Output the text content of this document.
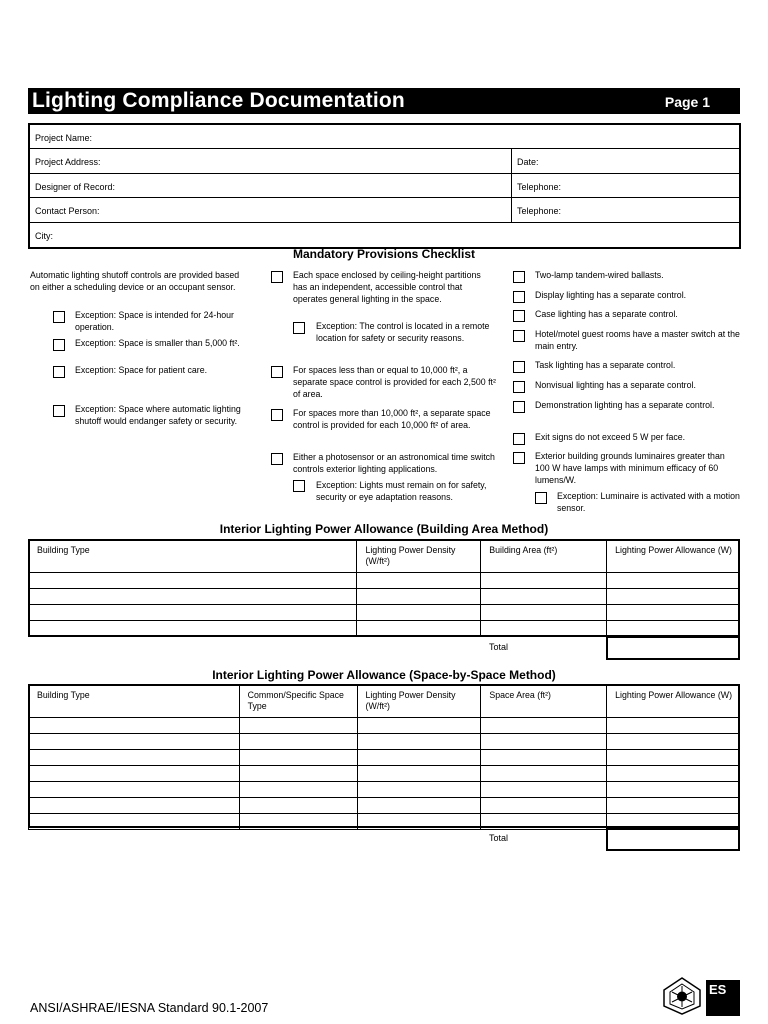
Lighting Compliance Documentation	Page 1
Project Name:
Project Address:	Date:
Designer of Record:	Telephone:
Contact Person:	Telephone:
City:
Mandatory Provisions Checklist
Automatic lighting shutoff controls are provided based on either a scheduling device or an occupant sensor.
Exception: Space is intended for 24-hour operation.
Exception: Space is smaller than 5,000 ft².
Exception: Space for patient care.
Exception: Space where automatic lighting shutoff would endanger safety or security.
Each space enclosed by ceiling-height partitions has an independent, accessible control that operates general lighting in the space.
Exception: The control is located in a remote location for safety or security reasons.
For spaces less than or equal to 10,000 ft², a separate space control is provided for each 2,500 ft² of area.
For spaces more than 10,000 ft², a separate space control is provided for each 10,000 ft² of area.
Either a photosensor or an astronomical time switch controls exterior lighting applications.
Exception: Lights must remain on for safety, security or eye adaptation reasons.
Two-lamp tandem-wired ballasts.
Display lighting has a separate control.
Case lighting has a separate control.
Hotel/motel guest rooms have a master switch at the main entry.
Task lighting has a separate control.
Nonvisual lighting has a separate control.
Demonstration lighting has a separate control.
Exit signs do not exceed 5 W per face.
Exterior building grounds luminaires greater than 100 W have lamps with minimum efficacy of 60 lumens/W.
Exception: Luminaire is activated with a motion sensor.
Interior Lighting Power Allowance (Building Area Method)
Building Type	Lighting Power Density (W/ft²)	Building Area (ft²)	Lighting Power Allowance (W)

Total
Interior Lighting Power Allowance (Space-by-Space Method)
Building Type	Common/Specific Space Type	Lighting Power Density (W/ft²)	Space Area (ft²)	Lighting Power Allowance (W)

Total
ANSI/ASHRAE/IESNA Standard 90.1-2007
ES
